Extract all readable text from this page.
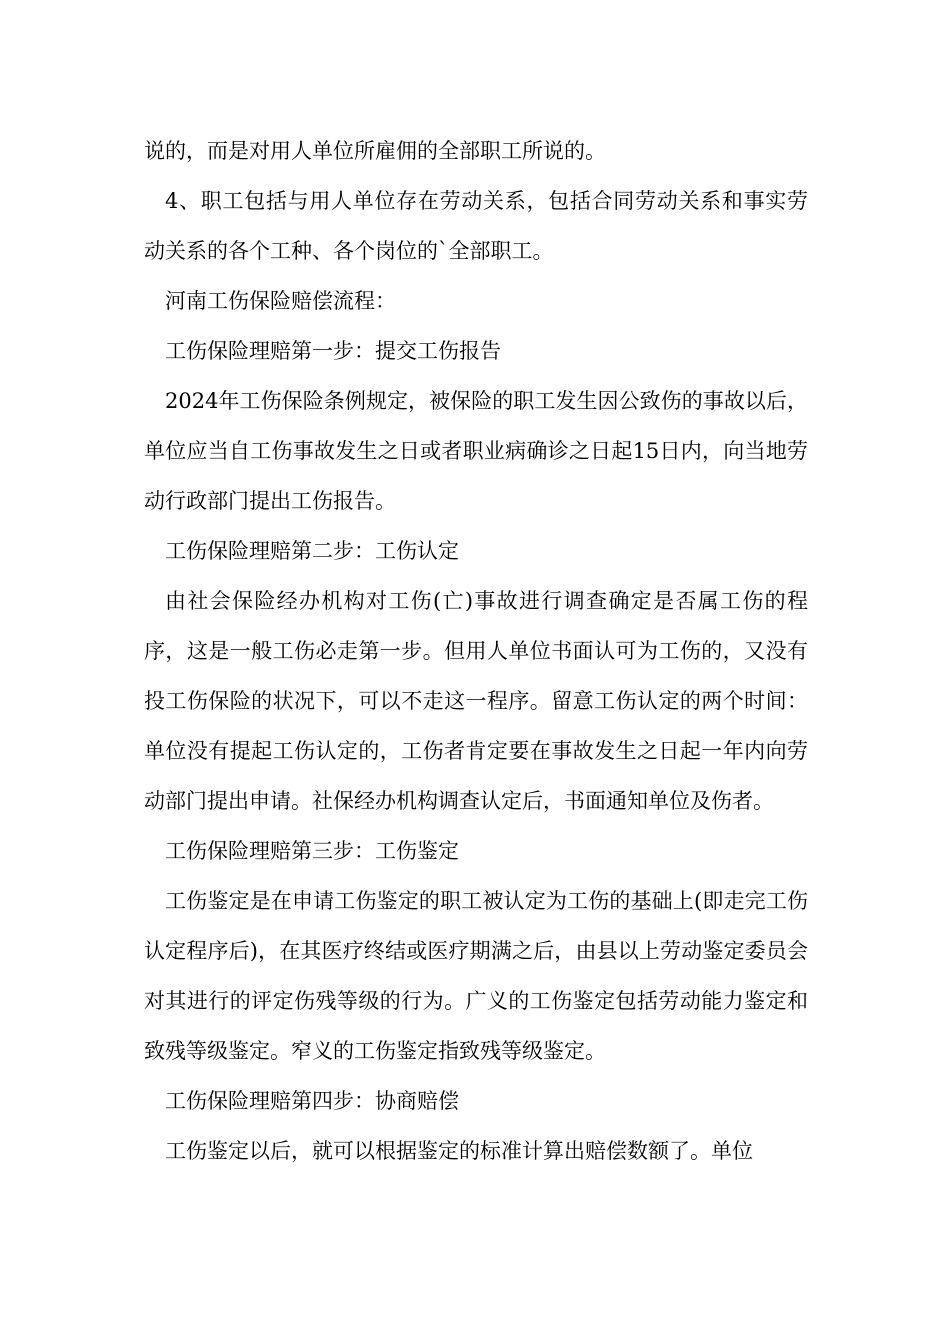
说的，而是对用人单位所雇佣的全部职工所说的。

4、职工包括与用人单位存在劳动关系，包括合同劳动关系和事实劳动关系的各个工种、各个岗位的`全部职工。

河南工伤保险赔偿流程：

工伤保险理赔第一步：提交工伤报告

2024年工伤保险条例规定，被保险的职工发生因公致伤的事故以后，单位应当自工伤事故发生之日或者职业病确诊之日起15日内，向当地劳动行政部门提出工伤报告。

工伤保险理赔第二步：工伤认定

由社会保险经办机构对工伤(亡)事故进行调查确定是否属工伤的程序，这是一般工伤必走第一步。但用人单位书面认可为工伤的，又没有投工伤保险的状况下，可以不走这一程序。留意工伤认定的两个时间：单位没有提起工伤认定的，工伤者肯定要在事故发生之日起一年内向劳动部门提出申请。社保经办机构调查认定后，书面通知单位及伤者。

工伤保险理赔第三步：工伤鉴定

工伤鉴定是在申请工伤鉴定的职工被认定为工伤的基础上(即走完工伤认定程序后)，在其医疗终结或医疗期满之后，由县以上劳动鉴定委员会对其进行的评定伤残等级的行为。广义的工伤鉴定包括劳动能力鉴定和致残等级鉴定。窄义的工伤鉴定指致残等级鉴定。

工伤保险理赔第四步：协商赔偿

工伤鉴定以后，就可以根据鉴定的标准计算出赔偿数额了。单位
